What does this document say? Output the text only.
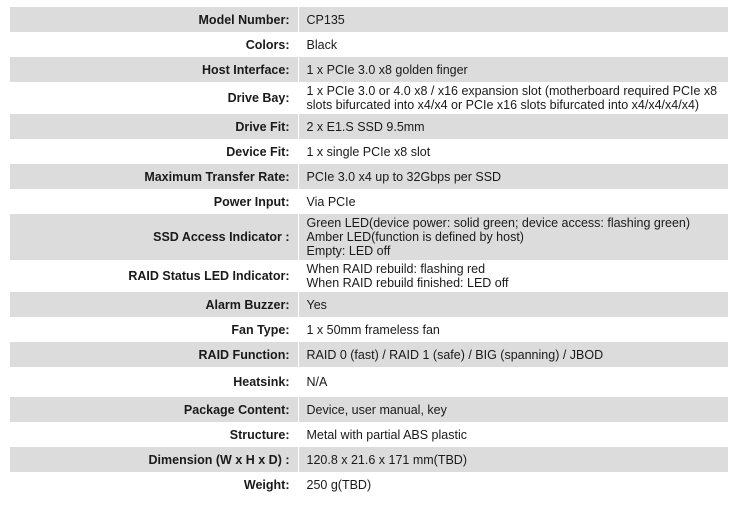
Model Number:	CP135

Colors:	Black

Host Interface:	1 x PCIe 3.0 x8 golden finger

Drive Bay:	1 x PCIe 3.0 or 4.0 x8 / x16 expansion slot (motherboard required PCIe x8
slots bifurcated into x4/x4 or PCIe x16 slots bifurcated into x4/x4/x4/x4)

Drive Fit:	2 x E1.S SSD 9.5mm

Device Fit:	1 x single PCIe x8 slot

Maximum Transfer Rate:	PCIe 3.0 x4 up to 32Gbps per SSD

Power Input:	Via PCIe

SSD Access Indicator :	Green LED(device power: solid green; device access: flashing green)
Amber LED(function is defined by host)
Empty: LED off

RAID Status LED Indicator:	When RAID rebuild: flashing red
When RAID rebuild finished: LED off

Alarm Buzzer:	Yes

Fan Type:	1 x 50mm frameless fan

RAID Function:	RAID 0 (fast) / RAID 1 (safe) / BIG (spanning) / JBOD

Heatsink:	N/A

Package Content:	Device, user manual, key

Structure:	Metal with partial ABS plastic

Dimension (W x H x D) :	120.8 x 21.6 x 171 mm(TBD)

Weight:	250 g(TBD)
